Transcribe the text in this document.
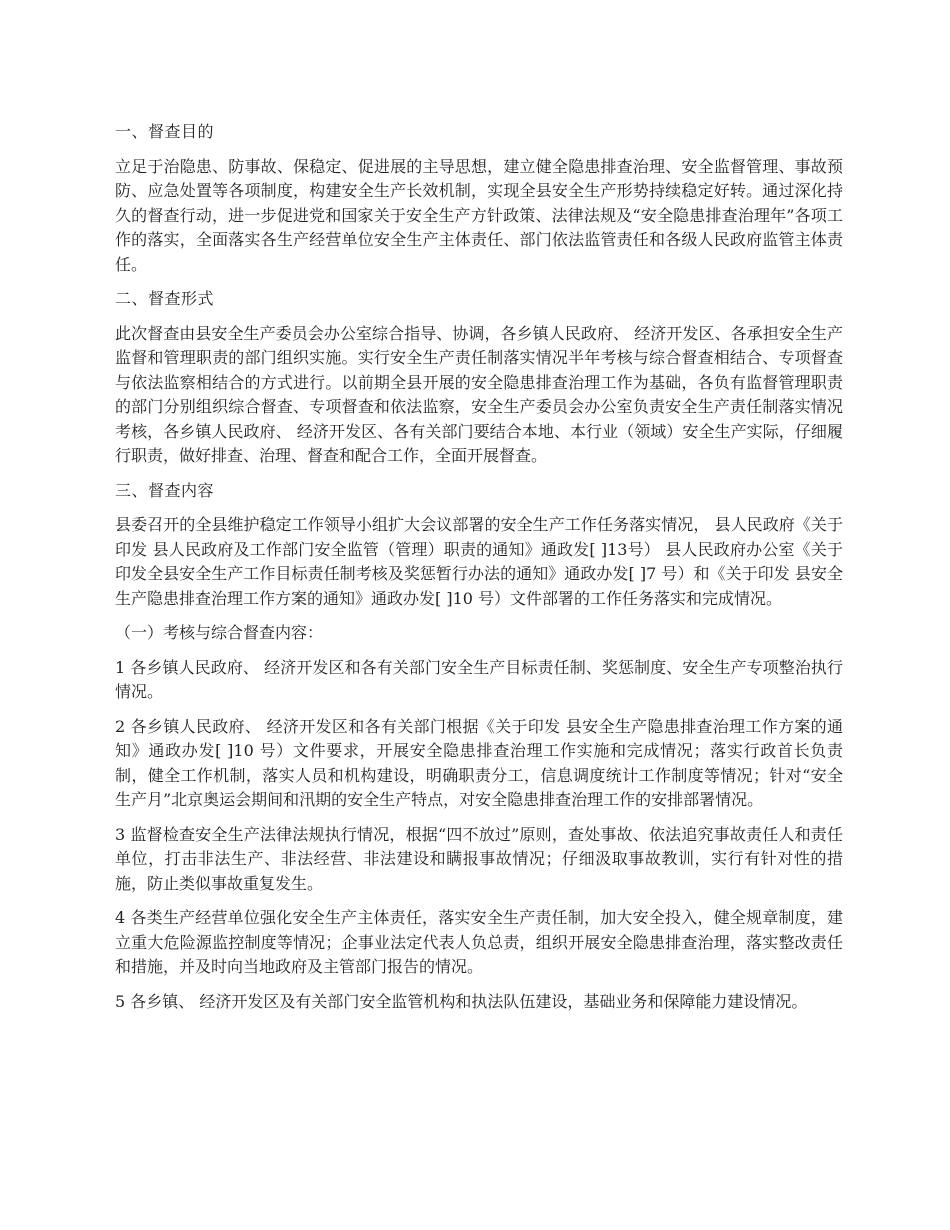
一、督查目的
立足于治隐患、防事故、保稳定、促进展的主导思想，建立健全隐患排查治理、安全监督管理、事故预防、应急处置等各项制度，构建安全生产长效机制，实现全县安全生产形势持续稳定好转。通过深化持久的督查行动，进一步促进党和国家关于安全生产方针政策、法律法规及“安全隐患排查治理年”各项工作的落实，全面落实各生产经营单位安全生产主体责任、部门依法监管责任和各级人民政府监管主体责任。
二、督查形式
此次督查由县安全生产委员会办公室综合指导、协调，各乡镇人民政府、 经济开发区、各承担安全生产监督和管理职责的部门组织实施。实行安全生产责任制落实情况半年考核与综合督查相结合、专项督查与依法监察相结合的方式进行。以前期全县开展的安全隐患排查治理工作为基础，各负有监督管理职责的部门分别组织综合督查、专项督查和依法监察，安全生产委员会办公室负责安全生产责任制落实情况考核，各乡镇人民政府、 经济开发区、各有关部门要结合本地、本行业（领域）安全生产实际，仔细履行职责，做好排查、治理、督查和配合工作，全面开展督查。
三、督查内容
县委召开的全县维护稳定工作领导小组扩大会议部署的安全生产工作任务落实情况， 县人民政府《关于印发 县人民政府及工作部门安全监管（管理）职责的通知》通政发[ ]13号） 县人民政府办公室《关于印发全县安全生产工作目标责任制考核及奖惩暂行办法的通知》通政办发[ ]7 号）和《关于印发 县安全生产隐患排查治理工作方案的通知》通政办发[ ]10 号）文件部署的工作任务落实和完成情况。
（一）考核与综合督查内容：
1 各乡镇人民政府、 经济开发区和各有关部门安全生产目标责任制、奖惩制度、安全生产专项整治执行情况。
2 各乡镇人民政府、 经济开发区和各有关部门根据《关于印发 县安全生产隐患排查治理工作方案的通知》通政办发[ ]10 号）文件要求，开展安全隐患排查治理工作实施和完成情况；落实行政首长负责制，健全工作机制，落实人员和机构建设，明确职责分工，信息调度统计工作制度等情况；针对“安全生产月”北京奥运会期间和汛期的安全生产特点，对安全隐患排查治理工作的安排部署情况。
3 监督检查安全生产法律法规执行情况，根据“四不放过”原则，查处事故、依法追究事故责任人和责任单位，打击非法生产、非法经营、非法建设和瞒报事故情况；仔细汲取事故教训，实行有针对性的措施，防止类似事故重复发生。
4 各类生产经营单位强化安全生产主体责任，落实安全生产责任制，加大安全投入，健全规章制度，建立重大危险源监控制度等情况；企事业法定代表人负总责，组织开展安全隐患排查治理，落实整改责任和措施，并及时向当地政府及主管部门报告的情况。
5 各乡镇、 经济开发区及有关部门安全监管机构和执法队伍建设，基础业务和保障能力建设情况。
